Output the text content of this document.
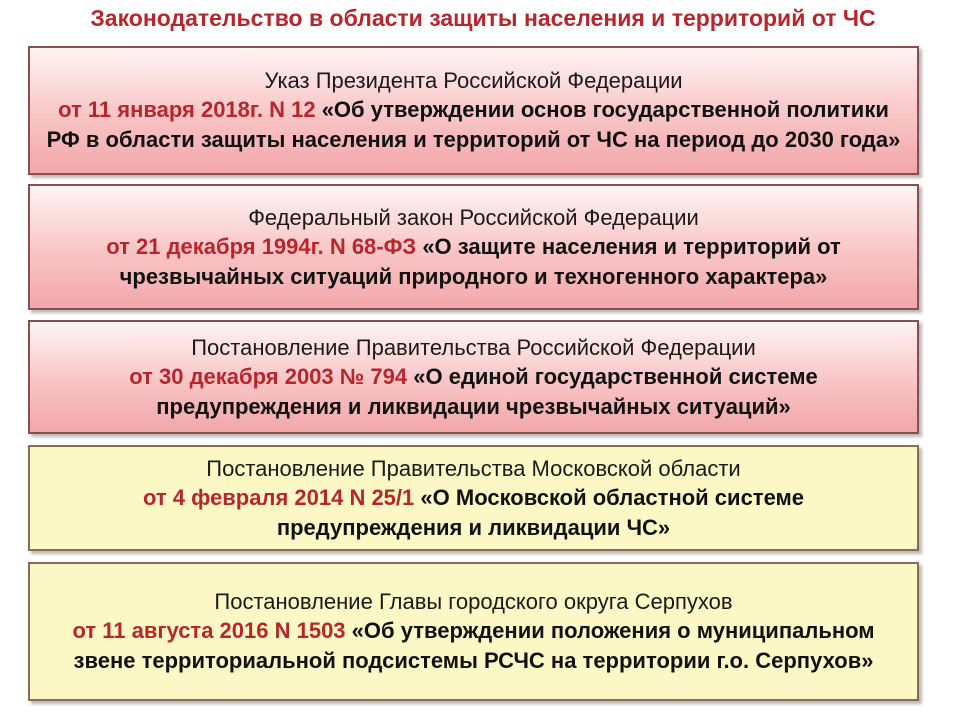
Законодательство в области защиты населения и территорий от ЧС
Указ Президента Российской Федерации
от 11 января 2018г. N 12 «Об утверждении основ государственной политики РФ в области защиты населения и территорий от ЧС на период до 2030 года»
Федеральный закон Российской Федерации
от 21 декабря 1994г. N 68-ФЗ «О защите населения и территорий от чрезвычайных ситуаций природного и техногенного характера»
Постановление Правительства Российской Федерации
от 30 декабря 2003 № 794 «О единой государственной системе предупреждения и ликвидации чрезвычайных ситуаций»
Постановление Правительства Московской области
от 4 февраля 2014 N 25/1 «О Московской областной системе предупреждения и ликвидации ЧС»
Постановление Главы городского округа Серпухов
от 11 августа 2016 N 1503 «Об утверждении положения о муниципальном звене территориальной подсистемы РСЧС на территории г.о. Серпухов»
